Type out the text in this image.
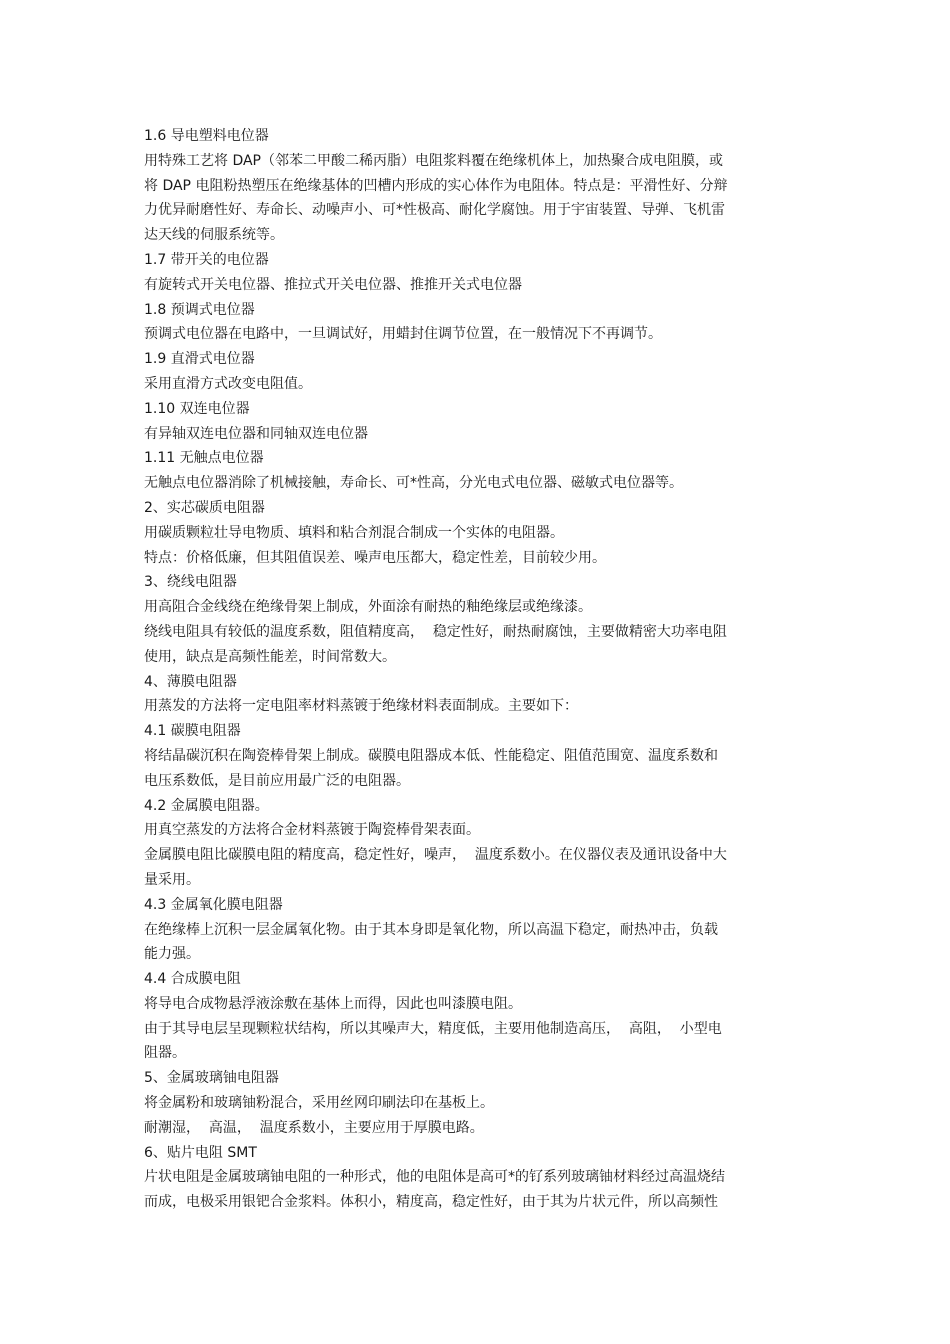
1.6 导电塑料电位器

用特殊工艺将 DAP（邻苯二甲酸二稀丙脂）电阻浆料覆在绝缘机体上，加热聚合成电阻膜，或

将 DAP 电阻粉热塑压在绝缘基体的凹槽内形成的实心体作为电阻体。特点是：平滑性好、分辩

力优异耐磨性好、寿命长、动噪声小、可*性极高、耐化学腐蚀。用于宇宙装置、导弹、飞机雷

达天线的伺服系统等。

1.7 带开关的电位器

有旋转式开关电位器、推拉式开关电位器、推推开关式电位器

1.8 预调式电位器

预调式电位器在电路中，一旦调试好，用蜡封住调节位置，在一般情况下不再调节。

1.9 直滑式电位器

采用直滑方式改变电阻值。

1.10 双连电位器

有异轴双连电位器和同轴双连电位器

1.11 无触点电位器

无触点电位器消除了机械接触，寿命长、可*性高，分光电式电位器、磁敏式电位器等。

2、实芯碳质电阻器

用碳质颗粒壮导电物质、填料和粘合剂混合制成一个实体的电阻器。

特点：价格低廉，但其阻值误差、噪声电压都大，稳定性差，目前较少用。

3、绕线电阻器

用高阻合金线绕在绝缘骨架上制成，外面涂有耐热的釉绝缘层或绝缘漆。

绕线电阻具有较低的温度系数，阻值精度高，  稳定性好，耐热耐腐蚀，主要做精密大功率电阻

使用，缺点是高频性能差，时间常数大。

4、薄膜电阻器

用蒸发的方法将一定电阻率材料蒸镀于绝缘材料表面制成。主要如下：

4.1 碳膜电阻器

将结晶碳沉积在陶瓷棒骨架上制成。碳膜电阻器成本低、性能稳定、阻值范围宽、温度系数和

电压系数低，是目前应用最广泛的电阻器。

4.2 金属膜电阻器。

用真空蒸发的方法将合金材料蒸镀于陶瓷棒骨架表面。

金属膜电阻比碳膜电阻的精度高，稳定性好，噪声，  温度系数小。在仪器仪表及通讯设备中大

量采用。

4.3 金属氧化膜电阻器

在绝缘棒上沉积一层金属氧化物。由于其本身即是氧化物，所以高温下稳定，耐热冲击，负载

能力强。

4.4 合成膜电阻

将导电合成物悬浮液涂敷在基体上而得，因此也叫漆膜电阻。

由于其导电层呈现颗粒状结构，所以其噪声大，精度低，主要用他制造高压，  高阻，  小型电

阻器。

5、金属玻璃铀电阻器

将金属粉和玻璃铀粉混合，采用丝网印刷法印在基板上。

耐潮湿，  高温，  温度系数小，主要应用于厚膜电路。

6、贴片电阻 SMT

片状电阻是金属玻璃铀电阻的一种形式，他的电阻体是高可*的钌系列玻璃铀材料经过高温烧结

而成，电极采用银钯合金浆料。体积小，精度高，稳定性好，由于其为片状元件，所以高频性
